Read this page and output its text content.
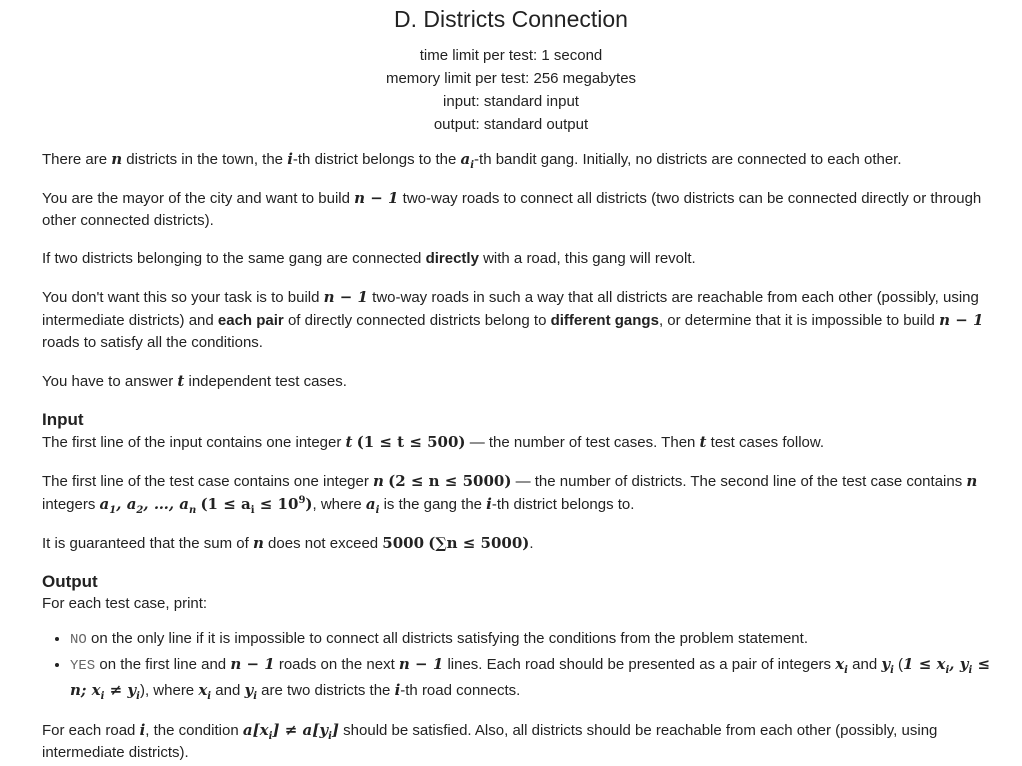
D. Districts Connection
time limit per test: 1 second
memory limit per test: 256 megabytes
input: standard input
output: standard output

There are n districts in the town, the i-th district belongs to the $a_i-th$ bandit gang. Initially, no districts are connected to each other.

You are the mayor of the city and want to build n − 1 two-way roads to connect all districts (two districts can be connected directly or through other connected districts).

If two districts belonging to the same gang are connected directly with a road, this gang will revolt.

You don't want this so your task is to build n − 1 two-way roads in such a way that all districts are reachable from each other (possibly, using intermediate districts) and each pair of directly connected districts belong to different gangs, or determine that it is impossible to build n − 1 roads to satisfy all the conditions.

You have to answer t independent test cases.

Input

The first line of the input contains one integer t (1 ≤ t ≤ 500) — the number of test cases. Then t test cases follow.

The first line of the test case contains one integer n (2 ≤ n ≤ 5000) — the number of districts. The second line of the test case contains n integers $a_1$, $a_2$, …, $a_n$ $(1 \le a_i \le 10^9)$, where $a_i$ is the gang the i-th district belongs to.

It is guaranteed that the sum of n does not exceed 5000 (∑n ≤ 5000).

Output

For each test case, print:

• NO on the only line if it is impossible to connect all districts satisfying the conditions from the problem statement.
• YES on the first line and n − 1 roads on the next n − 1 lines. Each road should be presented as a pair of integers $x_i$ and $y_i$ ($1 \le x_i$, $y_i \le n$; $x_i \ne y_i$), where $x_i$ and $y_i$ are two districts the i-th road connects.

For each road i, the condition $a[x_i] \ne a[y_i]$ should be satisfied. Also, all districts should be reachable from each other (possibly, using intermediate districts).
